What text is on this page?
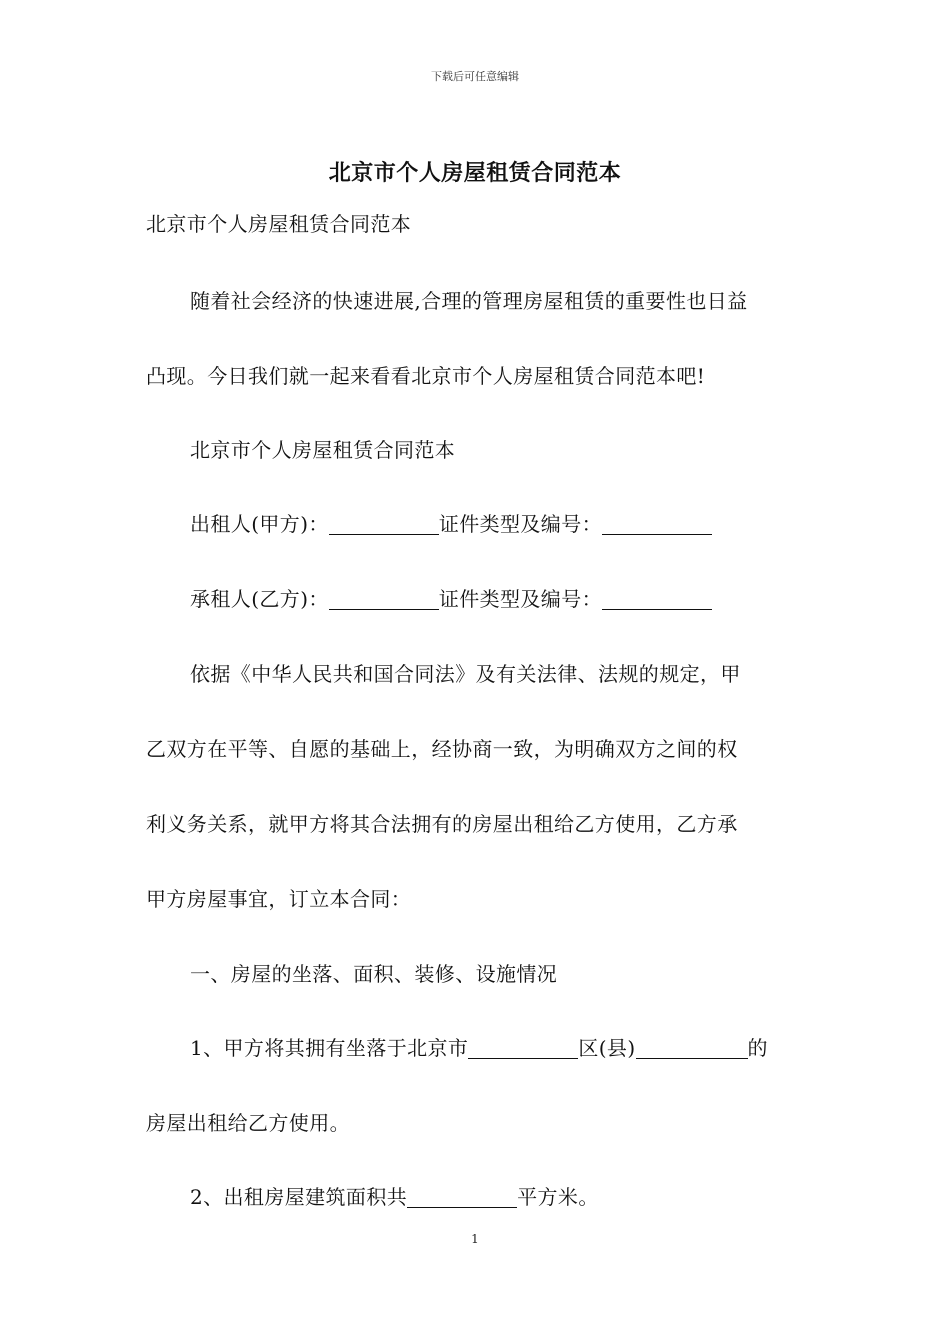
下载后可任意编辑
北京市个人房屋租赁合同范本
北京市个人房屋租赁合同范本
随着社会经济的快速进展,合理的管理房屋租赁的重要性也日益
凸现。今日我们就一起来看看北京市个人房屋租赁合同范本吧!
北京市个人房屋租赁合同范本
出租人(甲方)：	证件类型及编号：
承租人(乙方)：	证件类型及编号：
依据《中华人民共和国合同法》及有关法律、法规的规定，甲
乙双方在平等、自愿的基础上，经协商一致，为明确双方之间的权
利义务关系，就甲方将其合法拥有的房屋出租给乙方使用，乙方承
甲方房屋事宜，订立本合同：
一、房屋的坐落、面积、装修、设施情况
1、甲方将其拥有坐落于北京市	区(县)	的
房屋出租给乙方使用。
2、出租房屋建筑面积共	平方米。
1
